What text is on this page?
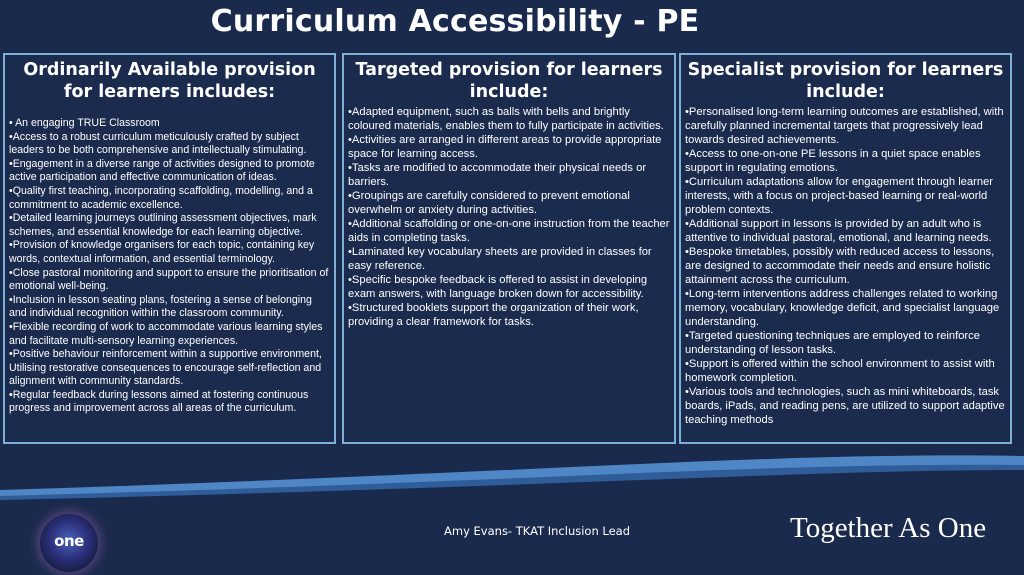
Curriculum Accessibility - PE
Ordinarily Available provision for learners includes:
• An engaging TRUE Classroom
•Access to a robust curriculum meticulously crafted by subject leaders to be both comprehensive and intellectually stimulating.
•Engagement in a diverse range of activities designed to promote active participation and effective communication of ideas.
•Quality first teaching, incorporating scaffolding, modelling, and a commitment to academic excellence.
•Detailed learning journeys outlining assessment objectives, mark schemes, and essential knowledge for each learning objective.
•Provision of knowledge organisers for each topic, containing key words, contextual information, and essential terminology.
•Close pastoral monitoring and support to ensure the prioritisation of emotional well-being.
•Inclusion in lesson seating plans, fostering a sense of belonging and individual recognition within the classroom community.
•Flexible recording of work to accommodate various learning styles and facilitate multi-sensory learning experiences.
•Positive behaviour reinforcement within a supportive environment, Utilising restorative consequences to encourage self-reflection and alignment with community standards.
•Regular feedback during lessons aimed at fostering continuous progress and improvement across all areas of the curriculum.
Targeted provision for learners include:
•Adapted equipment, such as balls with bells and brightly coloured materials, enables them to fully participate in activities.
•Activities are arranged in different areas to provide appropriate space for learning access.
•Tasks are modified to accommodate their physical needs or barriers.
•Groupings are carefully considered to prevent emotional overwhelm or anxiety during activities.
•Additional scaffolding or one-on-one instruction from the teacher aids in completing tasks.
•Laminated key vocabulary sheets are provided in classes for easy reference.
•Specific bespoke feedback is offered to assist in developing exam answers, with language broken down for accessibility.
•Structured booklets support the organization of their work, providing a clear framework for tasks.
Specialist provision for learners include:
•Personalised long-term learning outcomes are established, with carefully planned incremental targets that progressively lead towards desired achievements.
•Access to one-on-one PE lessons in a quiet space enables support in regulating emotions.
•Curriculum adaptations allow for engagement through learner interests, with a focus on project-based learning or real-world problem contexts.
•Additional support in lessons is provided by an adult who is attentive to individual pastoral, emotional, and learning needs.
•Bespoke timetables, possibly with reduced access to lessons, are designed to accommodate their needs and ensure holistic attainment across the curriculum.
•Long-term interventions address challenges related to working memory, vocabulary, knowledge deficit, and specialist language understanding.
•Targeted questioning techniques are employed to reinforce understanding of lesson tasks.
•Support is offered within the school environment to assist with homework completion.
•Various tools and technologies, such as mini whiteboards, task boards, iPads, and reading pens, are utilized to support adaptive teaching methods
one
Amy Evans- TKAT Inclusion Lead	Together As One
